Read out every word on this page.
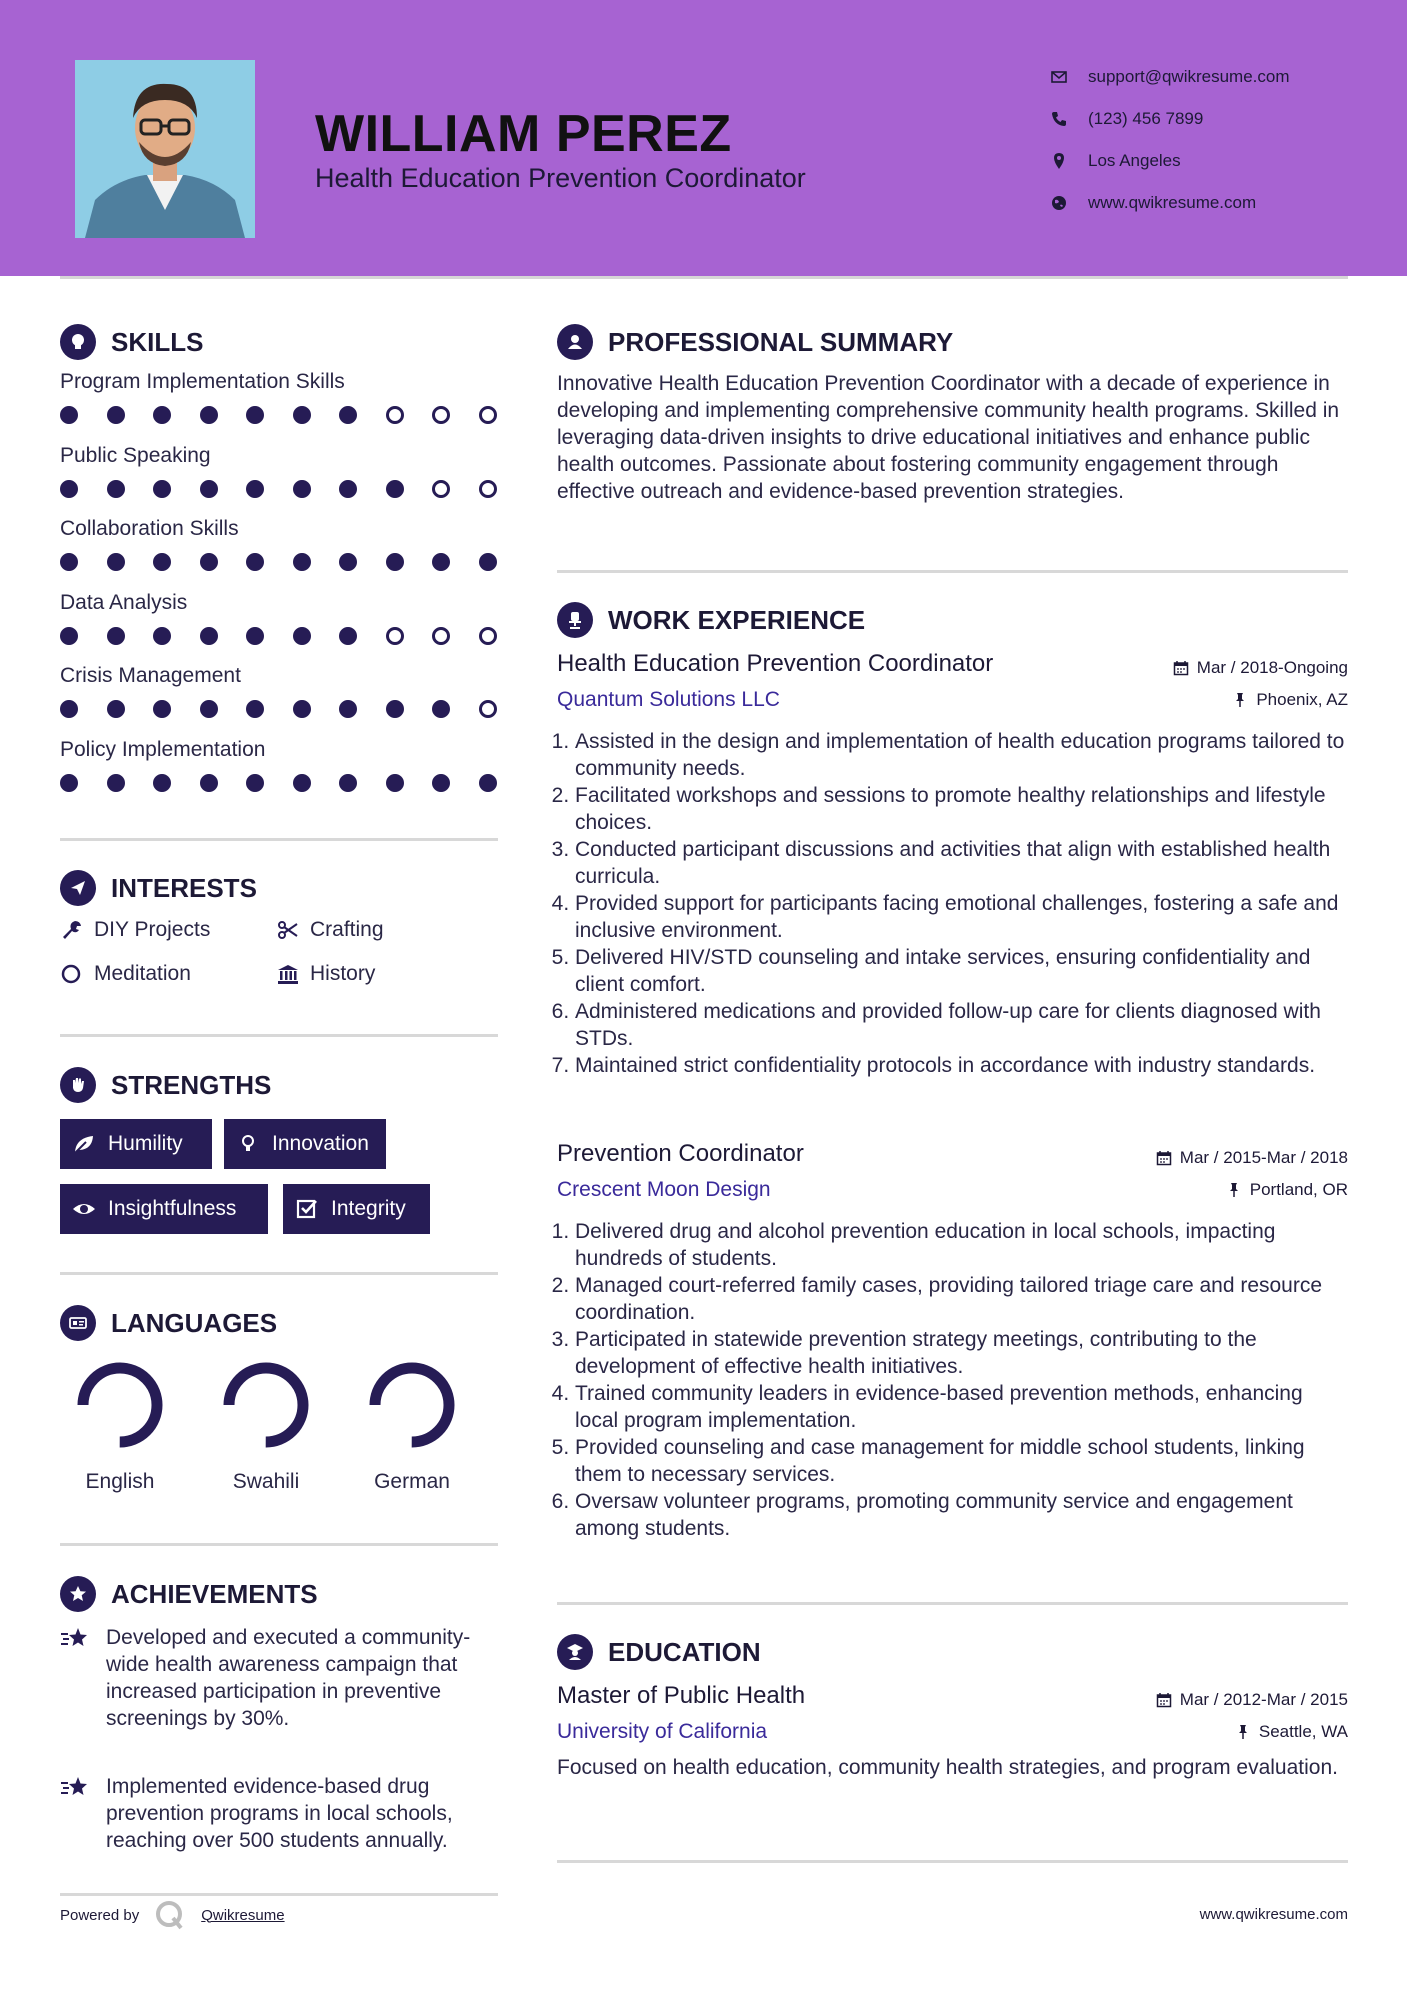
WILLIAM PEREZ
Health Education Prevention Coordinator
support@qwikresume.com
(123) 456 7899
Los Angeles
www.qwikresume.com
SKILLS
Program Implementation Skills
Public Speaking
Collaboration Skills
Data Analysis
Crisis Management
Policy Implementation
INTERESTS
DIY Projects	Crafting
Meditation	History
STRENGTHS
Humility	Innovation
Insightfulness	Integrity
LANGUAGES
English	Swahili	German
ACHIEVEMENTS
Developed and executed a community-wide health awareness campaign that increased participation in preventive screenings by 30%.
Implemented evidence-based drug prevention programs in local schools, reaching over 500 students annually.
PROFESSIONAL SUMMARY
Innovative Health Education Prevention Coordinator with a decade of experience in developing and implementing comprehensive community health programs. Skilled in leveraging data-driven insights to drive educational initiatives and enhance public health outcomes. Passionate about fostering community engagement through effective outreach and evidence-based prevention strategies.
WORK EXPERIENCE
Health Education Prevention Coordinator	Mar / 2018-Ongoing
Quantum Solutions LLC	Phoenix, AZ
1. Assisted in the design and implementation of health education programs tailored to community needs.
2. Facilitated workshops and sessions to promote healthy relationships and lifestyle choices.
3. Conducted participant discussions and activities that align with established health curricula.
4. Provided support for participants facing emotional challenges, fostering a safe and inclusive environment.
5. Delivered HIV/STD counseling and intake services, ensuring confidentiality and client comfort.
6. Administered medications and provided follow-up care for clients diagnosed with STDs.
7. Maintained strict confidentiality protocols in accordance with industry standards.
Prevention Coordinator	Mar / 2015-Mar / 2018
Crescent Moon Design	Portland, OR
1. Delivered drug and alcohol prevention education in local schools, impacting hundreds of students.
2. Managed court-referred family cases, providing tailored triage care and resource coordination.
3. Participated in statewide prevention strategy meetings, contributing to the development of effective health initiatives.
4. Trained community leaders in evidence-based prevention methods, enhancing local program implementation.
5. Provided counseling and case management for middle school students, linking them to necessary services.
6. Oversaw volunteer programs, promoting community service and engagement among students.
EDUCATION
Master of Public Health	Mar / 2012-Mar / 2015
University of California	Seattle, WA
Focused on health education, community health strategies, and program evaluation.
Powered by	Qwikresume	www.qwikresume.com
